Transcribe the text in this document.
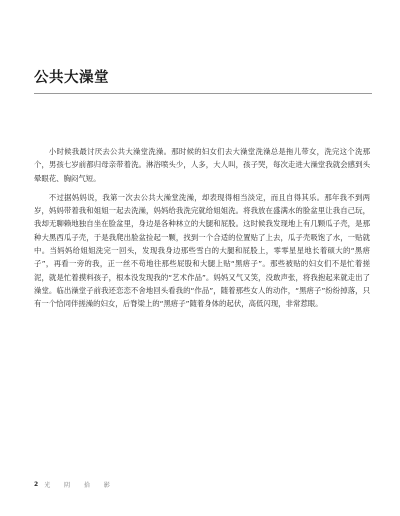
公共大澡堂

小时候我最讨厌去公共大澡堂洗澡。那时候的妇女们去大澡堂洗澡总是拖儿带女，洗完这个洗那个，男孩七岁前都归母亲带着洗。淋浴喷头少，人多，大人叫，孩子哭，每次走进大澡堂我就会感到头晕眼花、胸闷气短。

不过据妈妈说，我第一次去公共大澡堂洗澡，却表现得相当淡定，而且自得其乐。那年我不到两岁，妈妈带着我和姐姐一起去洗澡，妈妈给我洗完就给姐姐洗。将我放在盛满水的脸盆里让我自己玩，我却无聊赖地独自坐在脸盆里，身边是各种林立的大腿和屁股。这时候我发现地上有几颗瓜子壳，是那种大黑西瓜子壳，于是我爬出脸盆捡起一颗，找到一个合适的位置贴了上去，瓜子壳吸饱了水，一贴就中。当妈妈给姐姐洗完一回头，发现我身边那些雪白的大腿和屁股上，零零星星地长着硕大的“黑痦子”，再看一旁的我，正一丝不苟地往那些屁股和大腿上贴“黑痦子”。那些被贴的妇女们不是忙着搓泥，就是忙着摸料孩子，根本没发现我的“艺术作品”。妈妈又气又笑，没敢声张，将我抱起来就走出了澡堂。临出澡堂子前我还恋恋不舍地回头看我的“作品”，随着那些女人的动作，“黑痦子”纷纷掉落，只有一个恰同伴搓澡的妇女，后脊梁上的“黑痦子”随着身体的起伏，高低闪现，非常惹眼。

2 光 阴 拾 影
